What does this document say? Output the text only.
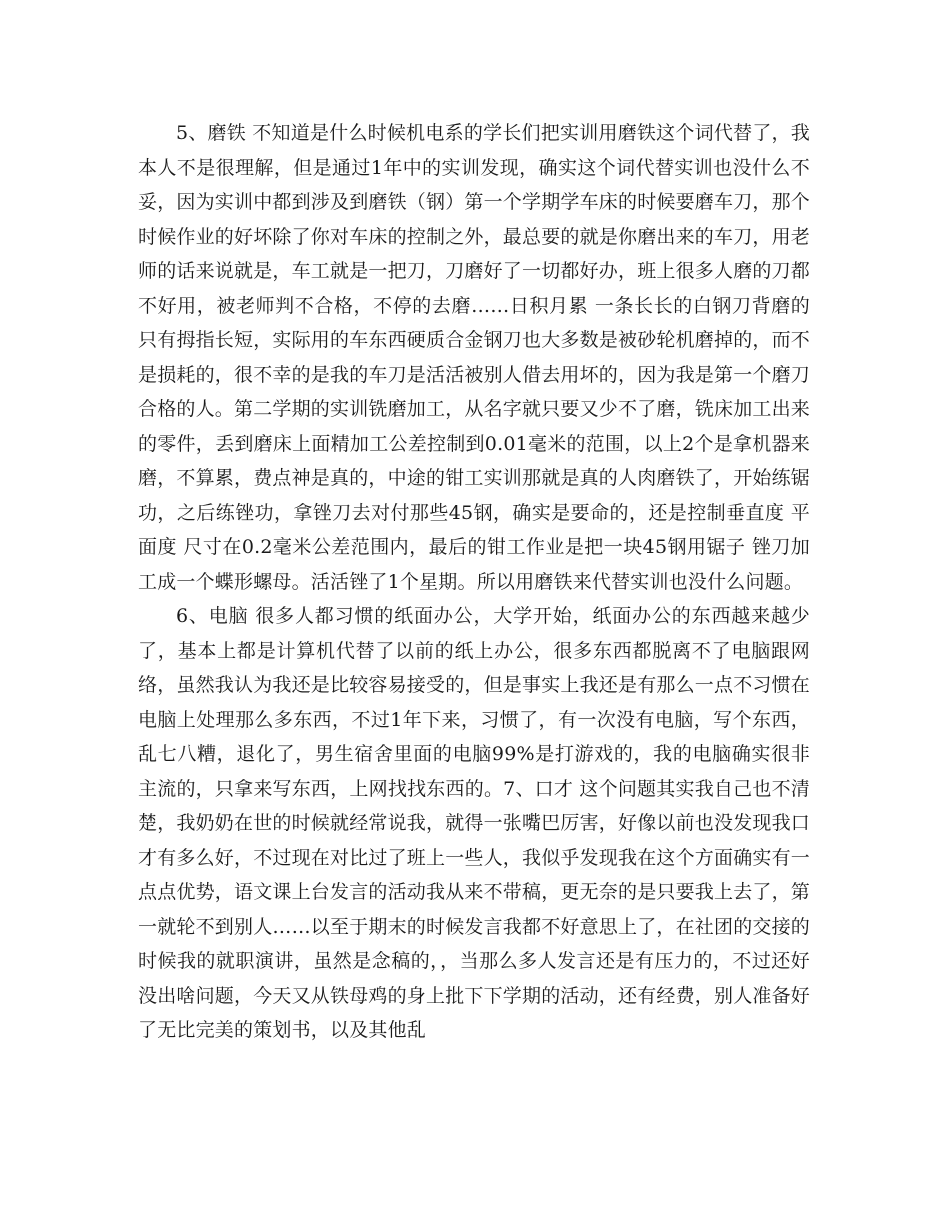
5、磨铁 不知道是什么时候机电系的学长们把实训用磨铁这个词代替了，我本人不是很理解，但是通过1年中的实训发现，确实这个词代替实训也没什么不妥，因为实训中都到涉及到磨铁（钢）第一个学期学车床的时候要磨车刀，那个时候作业的好坏除了你对车床的控制之外，最总要的就是你磨出来的车刀，用老师的话来说就是，车工就是一把刀，刀磨好了一切都好办，班上很多人磨的刀都不好用，被老师判不合格，不停的去磨……日积月累 一条长长的白钢刀背磨的只有拇指长短，实际用的车东西硬质合金钢刀也大多数是被砂轮机磨掉的，而不是损耗的，很不幸的是我的车刀是活活被别人借去用坏的，因为我是第一个磨刀合格的人。第二学期的实训铣磨加工，从名字就只要又少不了磨，铣床加工出来的零件，丢到磨床上面精加工公差控制到0.01毫米的范围，以上2个是拿机器来磨，不算累，费点神是真的，中途的钳工实训那就是真的人肉磨铁了，开始练锯功，之后练锉功，拿锉刀去对付那些45钢，确实是要命的，还是控制垂直度 平面度 尺寸在0.2毫米公差范围内，最后的钳工作业是把一块45钢用锯子 锉刀加工成一个蝶形螺母。活活锉了1个星期。所以用磨铁来代替实训也没什么问题。

6、电脑 很多人都习惯的纸面办公，大学开始，纸面办公的东西越来越少了，基本上都是计算机代替了以前的纸上办公，很多东西都脱离不了电脑跟网络，虽然我认为我还是比较容易接受的，但是事实上我还是有那么一点不习惯在电脑上处理那么多东西，不过1年下来，习惯了，有一次没有电脑，写个东西，乱七八糟，退化了，男生宿舍里面的电脑99%是打游戏的，我的电脑确实很非主流的，只拿来写东西，上网找找东西的。7、口才 这个问题其实我自己也不清楚，我奶奶在世的时候就经常说我，就得一张嘴巴厉害，好像以前也没发现我口才有多么好，不过现在对比过了班上一些人，我似乎发现我在这个方面确实有一点点优势，语文课上台发言的活动我从来不带稿，更无奈的是只要我上去了，第一就轮不到别人……以至于期末的时候发言我都不好意思上了，在社团的交接的时候我的就职演讲，虽然是念稿的，，当那么多人发言还是有压力的，不过还好没出啥问题，今天又从铁母鸡的身上批下下学期的活动，还有经费，别人准备好了无比完美的策划书，以及其他乱
